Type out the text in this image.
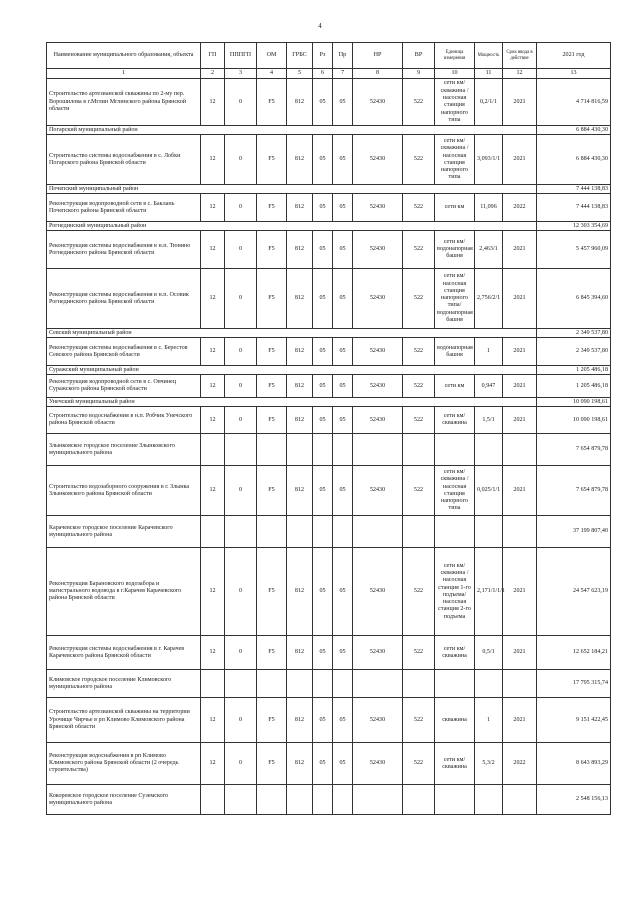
4
Наименование муниципального образования, объекта	ГП	ПППГП	ОМ	ГРБС	Рз	Пр	НР	ВР	Единица измерения	Мощность	Срок ввода в действие	2021 год
1	2	3	4	5	6	7	8	9	10	11	12	13
Строительство артезианской скважины по 2-му пер. Ворошилова в г.Мглин Мглинского района Брянской области	12	0	F5	812	05	05	52430	522	сети км/скважина /насосная станция напорного типа	0,2/1/1	2021	4 714 816,59
Погарский муниципальный район												6 884 430,30
Строительство системы водоснабжения в с. Лобки Погарского района Брянской области	12	0	F5	812	05	05	52430	522	сети км/скважина /насосная станция напорного типа	3,093/1/1	2021	6 884 430,30
Почепский муниципальный район												7 444 138,83
Реконструкция водопроводной сети в с. Баклань Почепского района Брянской области	12	0	F5	812	05	05	52430	522	сети км	11,096	2022	7 444 138,83
Рогнединский муниципальный район												12 303 354,69
Реконструкция системы водоснабжения в н.п. Тюнино Рогнединского района Брянской области	12	0	F5	812	05	05	52430	522	сети км/водонапорная башня	2,463/1	2021	5 457 960,09
Реконструкция системы водоснабжения в н.п. Осовик Рогнединского района Брянской области	12	0	F5	812	05	05	52430	522	сети км/насосная станция напорного типа/водонапорная башня	2,756/2/1	2021	6 845 394,60
Севский муниципальный район												2 349 537,80
Реконструкция системы водоснабжения в с. Берестов Севского района Брянской области	12	0	F5	812	05	05	52430	522	водонапорная башня	1	2021	2 349 537,80
Суражский муниципальный район												1 205 486,18
Реконструкция водопроводной сети в с. Овчинец Суражского района Брянской области	12	0	F5	812	05	05	52430	522	сети км	0,947	2021	1 205 486,18
Унечский муниципальный район												10 090 198,61
Строительство водоснабжения в н.п. Робчик Унечского района Брянской области	12	0	F5	812	05	05	52430	522	сети км/скважина	1,5/1	2021	10 090 198,61
Злынковское городское поселение Злынковского муниципального района												7 654 879,78
Строительство водозаборного сооружения в г. Злынка Злынковского района Брянской области	12	0	F5	812	05	05	52430	522	сети км/скважина /насосная станция напорного типа	0,025/1/1	2021	7 654 879,78
Карачевское городское поселение Карачевского муниципального района												37 199 807,40
Реконструкция Барановского водозабора и магистрального водовода в г.Карачев Карачевского района Брянской области	12	0	F5	812	05	05	52430	522	сети км/скважина /насосная станция 1-го подъема/насосная станция 2-го подъема	2,171/1/1/1	2021	24 547 623,19
Реконструкция системы водоснабжения в г. Карачев Карачевского района Брянской области	12	0	F5	812	05	05	52430	522	сети км/скважина	0,5/1	2021	12 652 184,21
Климовское городское поселение Климовского муниципального района												17 795 315,74
Строительство артезианской скважины на территории Урочище Чирчье в рп Климово Климовского района Брянской области	12	0	F5	812	05	05	52430	522	скважина	1	2021	9 151 422,45
Реконструкция водоснабжения в рп Климово Климовского района Брянской области (2 очередь строительства)	12	0	F5	812	05	05	52430	522	сети км/скважина	5,3/2	2022	8 643 893,29
Кокоревское городское поселение Суземского муниципального района												2 548 156,13
